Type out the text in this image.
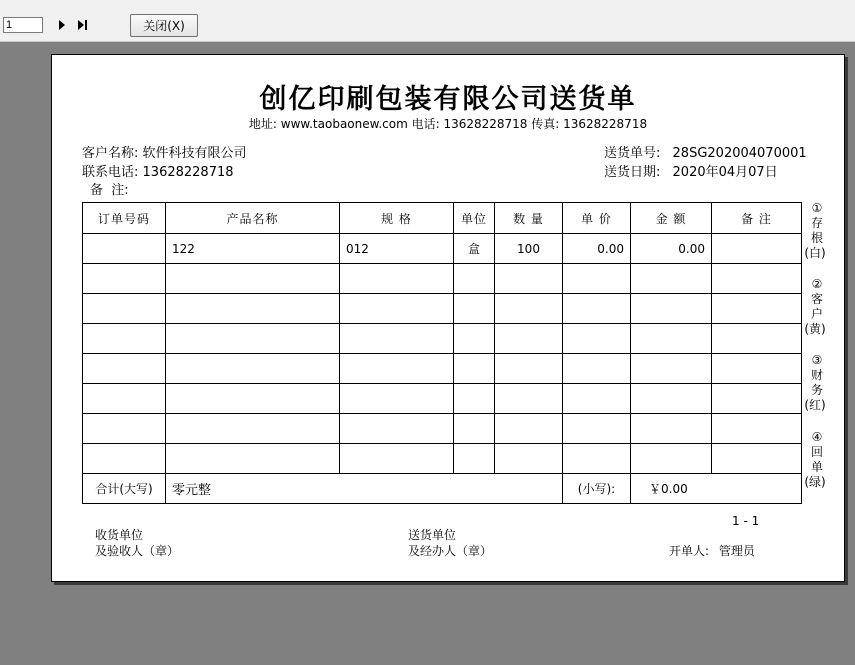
1	关闭(X)
创亿印刷包装有限公司送货单
地址: www.taobaonew.com 电话: 13628228718 传真: 13628228718
客户名称: 软件科技有限公司
联系电话: 13628228718
备  注:
送货单号: 28SG202004070001
送货日期: 2020年04月07日
订单号码	产品名称	规 格	单位	数 量	单 价	金 额	备 注
	122	012	盒	100	0.00	0.00	

合计(大写)	零元整				(小写):	￥0.00	
①
存
根
(白)
②
客
户
(黄)
③
财
务
(红)
④
回
单
(绿)
1 - 1
收货单位
及验收人（章）
送货单位
及经办人（章）	开单人: 管理员
